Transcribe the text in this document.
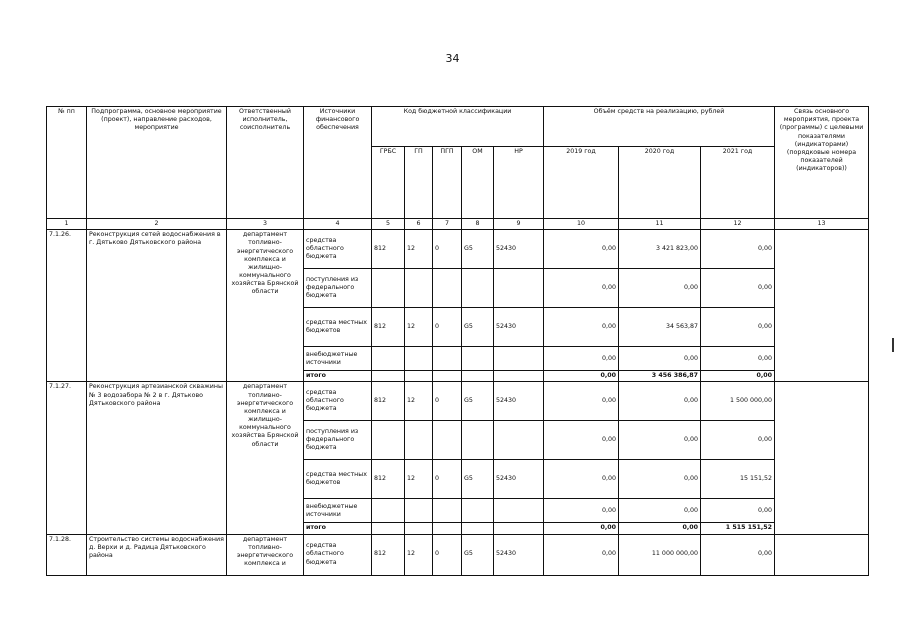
34
№ пп	Подпрограмма, основное мероприятие (проект), направление расходов, мероприятие	Ответственный исполнитель, соисполнитель	Источники финансового обеспечения	Код бюджетной классификации					Объём средств на реализацию, рублей			Связь основного мероприятия, проекта (программы) с целевыми показателями (индикаторами) (порядковые номера показателей (индикаторов))
				ГРБС	ГП	ПГП	ОМ	НР	2019 год	2020 год	2021 год	
1	2	3	4	5	6	7	8	9	10	11	12	13
7.1.26.	Реконструкция сетей водоснабжения в г. Дятьково Дятьковского района	департамент топливно-энергетического комплекса и жилищно-коммунального хозяйства Брянской области	средства областного бюджета	812	12	0	G5	52430	0,00	3 421 823,00	0,00	
			поступления из федерального бюджета						0,00	0,00	0,00	
			средства местных бюджетов	812	12	0	G5	52430	0,00	34 563,87	0,00	
			внебюджетные источники						0,00	0,00	0,00	
			итого						0,00	3 456 386,87	0,00	
7.1.27.	Реконструкция артезианской скважины № 3 водозабора № 2 в г. Дятьково Дятьковского района	департамент топливно-энергетического комплекса и жилищно-коммунального хозяйства Брянской области	средства областного бюджета	812	12	0	G5	52430	0,00	0,00	1 500 000,00	
			поступления из федерального бюджета						0,00	0,00	0,00	
			средства местных бюджетов	812	12	0	G5	52430	0,00	0,00	15 151,52	
			внебюджетные источники						0,00	0,00	0,00	
			итого						0,00	0,00	1 515 151,52	
7.1.28.	Строительство системы водоснабжения д. Верхи и д. Радица Дятьковского района	департамент топливно-энергетического комплекса и	средства областного бюджета	812	12	0	G5	52430	0,00	11 000 000,00	0,00	
